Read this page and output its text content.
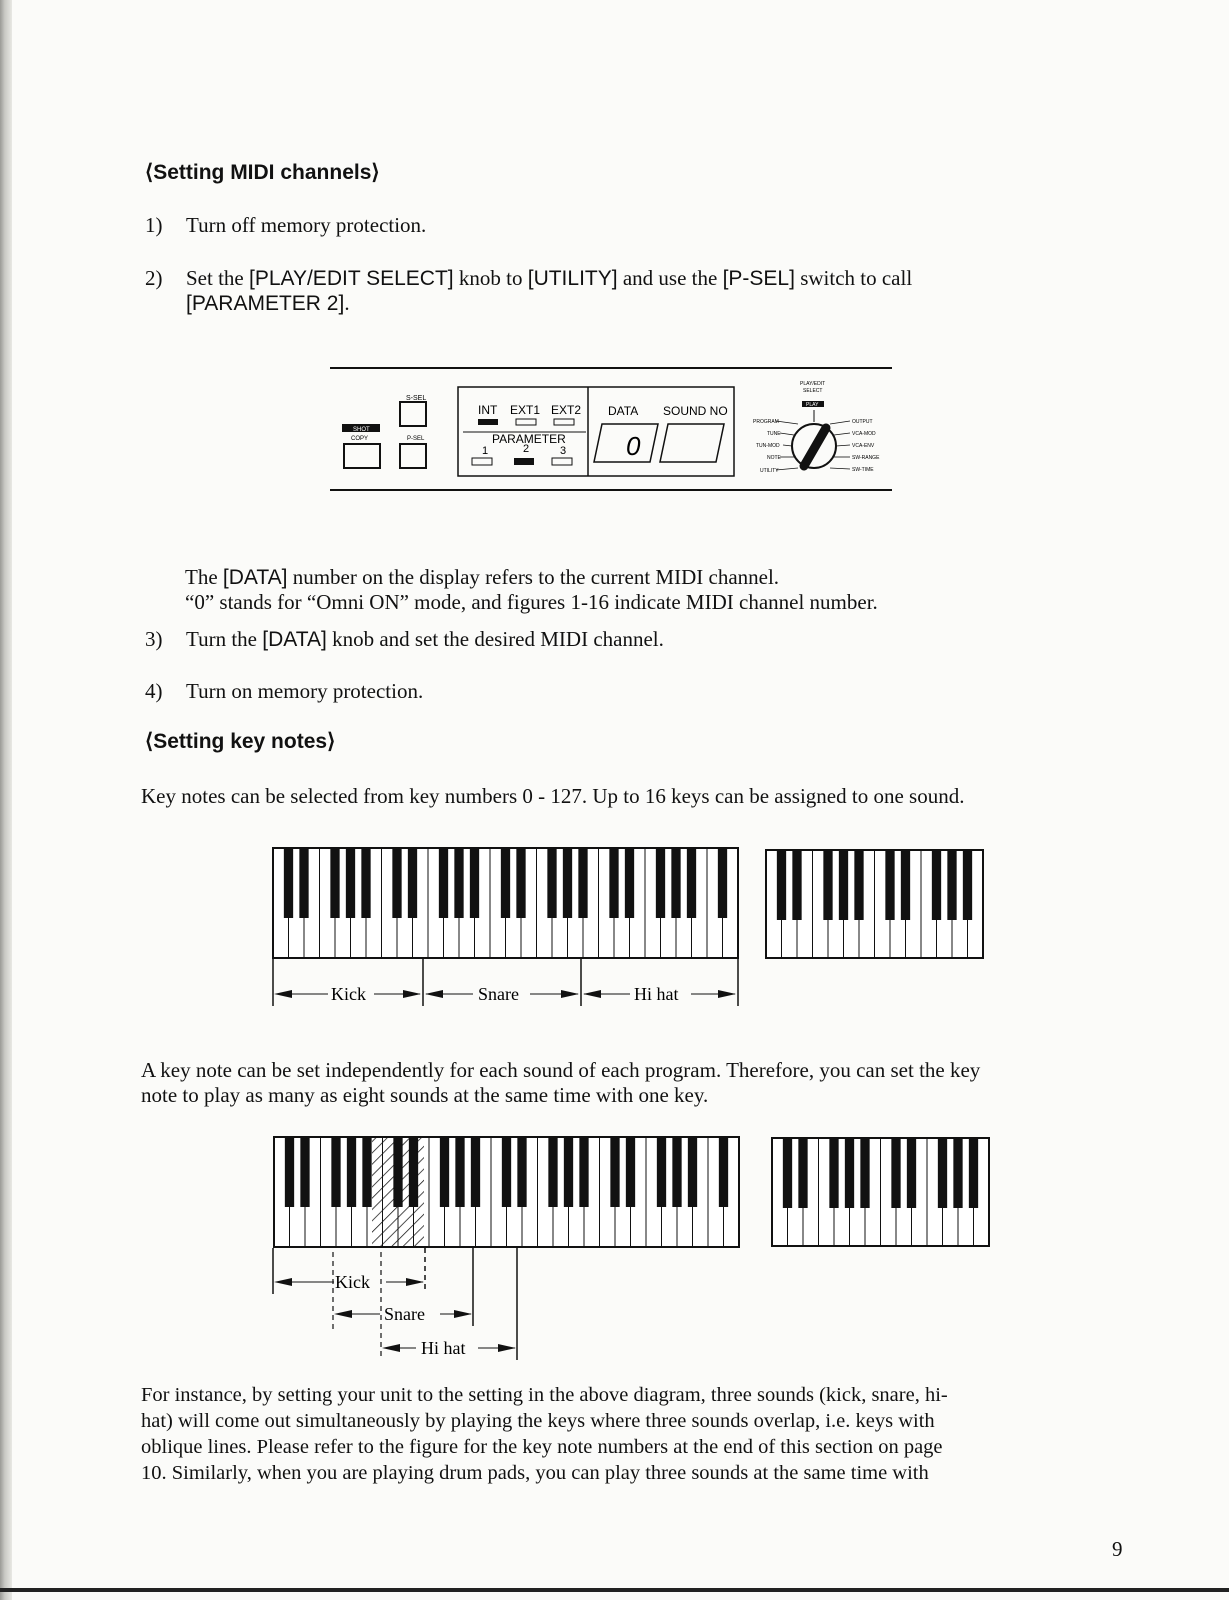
⟨Setting MIDI channels⟩
1) Turn off memory protection.
2) Set the [PLAY/EDIT SELECT] knob to [UTILITY] and use the [P-SEL] switch to call
[PARAMETER 2].
S-SEL
SHOT
COPY	P-SEL
INT EXT1 EXT2
PARAMETER
1	2	3
DATA SOUND NO
0
PLAY/EDIT
SELECT
PLAY
PROGRAM
TUNE
TUN-MOD
NOTE
UTILITY
OUTPUT
VCA-MOD
VCA-ENV
SW-RANGE
SW-TIME
The [DATA] number on the display refers to the current MIDI channel.
“0” stands for “Omni ON” mode, and figures 1-16 indicate MIDI channel number.
3) Turn the [DATA] knob and set the desired MIDI channel.
4) Turn on memory protection.
⟨Setting key notes⟩
Key notes can be selected from key numbers 0 - 127. Up to 16 keys can be assigned to one sound.
Kick	Snare	Hi hat
A key note can be set independently for each sound of each program. Therefore, you can set the key
note to play as many as eight sounds at the same time with one key.
Kick
Snare
Hi hat
For instance, by setting your unit to the setting in the above diagram, three sounds (kick, snare, hi-
hat) will come out simultaneously by playing the keys where three sounds overlap, i.e. keys with
oblique lines. Please refer to the figure for the key note numbers at the end of this section on page
10. Similarly, when you are playing drum pads, you can play three sounds at the same time with
9
